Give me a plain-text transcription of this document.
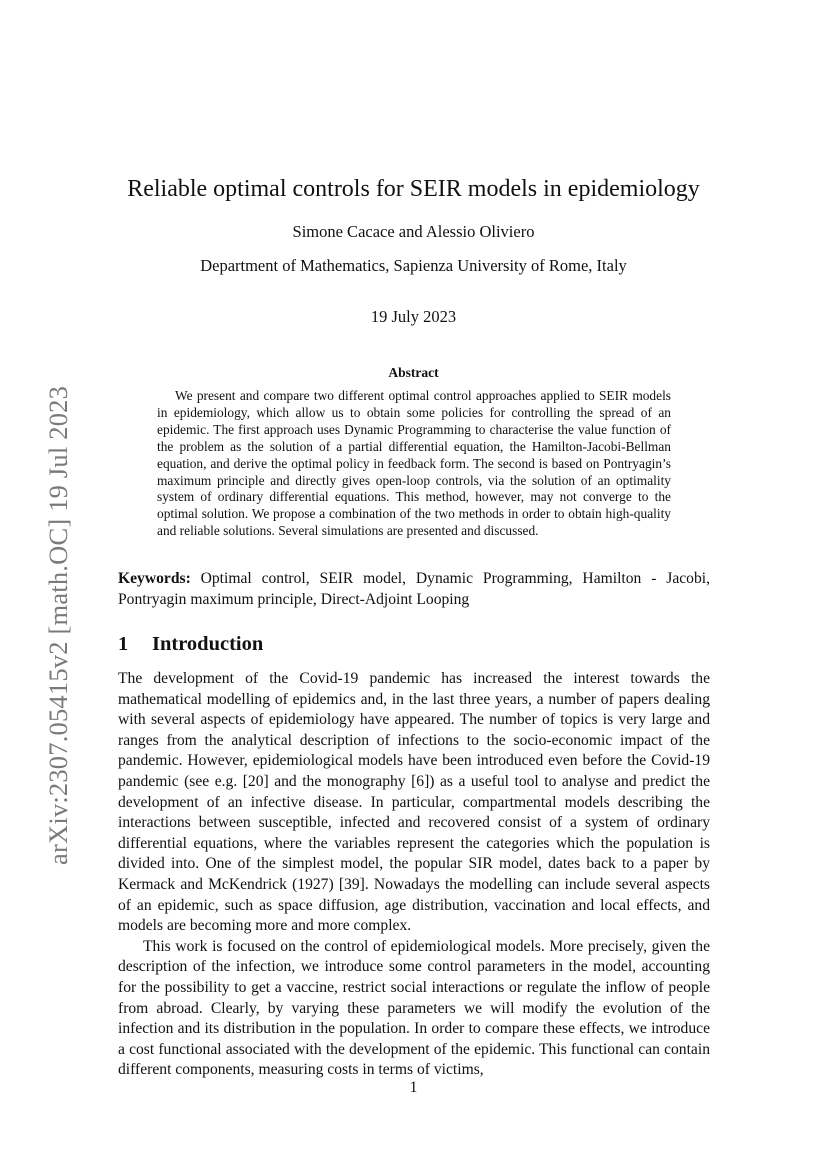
arXiv:2307.05415v2 [math.OC] 19 Jul 2023
Reliable optimal controls for SEIR models in epidemiology
Simone Cacace and Alessio Oliviero
Department of Mathematics, Sapienza University of Rome, Italy
19 July 2023
Abstract
We present and compare two different optimal control approaches applied to SEIR models in epidemiology, which allow us to obtain some policies for controlling the spread of an epidemic. The first approach uses Dynamic Programming to characterise the value function of the problem as the solution of a partial differential equation, the Hamilton-Jacobi-Bellman equation, and derive the optimal policy in feedback form. The second is based on Pontryagin’s maximum principle and directly gives open-loop controls, via the solution of an optimality system of ordinary differential equations. This method, however, may not converge to the optimal solution. We propose a combination of the two methods in order to obtain high-quality and reliable solutions. Several simulations are presented and discussed.
Keywords: Optimal control, SEIR model, Dynamic Programming, Hamilton - Jacobi, Pontryagin maximum principle, Direct-Adjoint Looping
1 Introduction

The development of the Covid-19 pandemic has increased the interest towards the mathematical modelling of epidemics and, in the last three years, a number of papers dealing with several aspects of epidemiology have appeared. The number of topics is very large and ranges from the analytical description of infections to the socio-economic impact of the pandemic. However, epidemiological models have been introduced even before the Covid-19 pandemic (see e.g. [20] and the monography [6]) as a useful tool to analyse and predict the development of an infective disease. In particular, compartmental models describing the interactions between susceptible, infected and recovered consist of a system of ordinary differential equations, where the variables represent the categories which the population is divided into. One of the simplest model, the popular SIR model, dates back to a paper by Kermack and McKendrick (1927) [39]. Nowadays the modelling can include several aspects of an epidemic, such as space diffusion, age distribution, vaccination and local effects, and models are becoming more and more complex.

This work is focused on the control of epidemiological models. More precisely, given the description of the infection, we introduce some control parameters in the model, accounting for the possibility to get a vaccine, restrict social interactions or regulate the inflow of people from abroad. Clearly, by varying these parameters we will modify the evolution of the infection and its distribution in the population. In order to compare these effects, we introduce a cost functional associated with the development of the epidemic. This functional can contain different components, measuring costs in terms of victims,

1
